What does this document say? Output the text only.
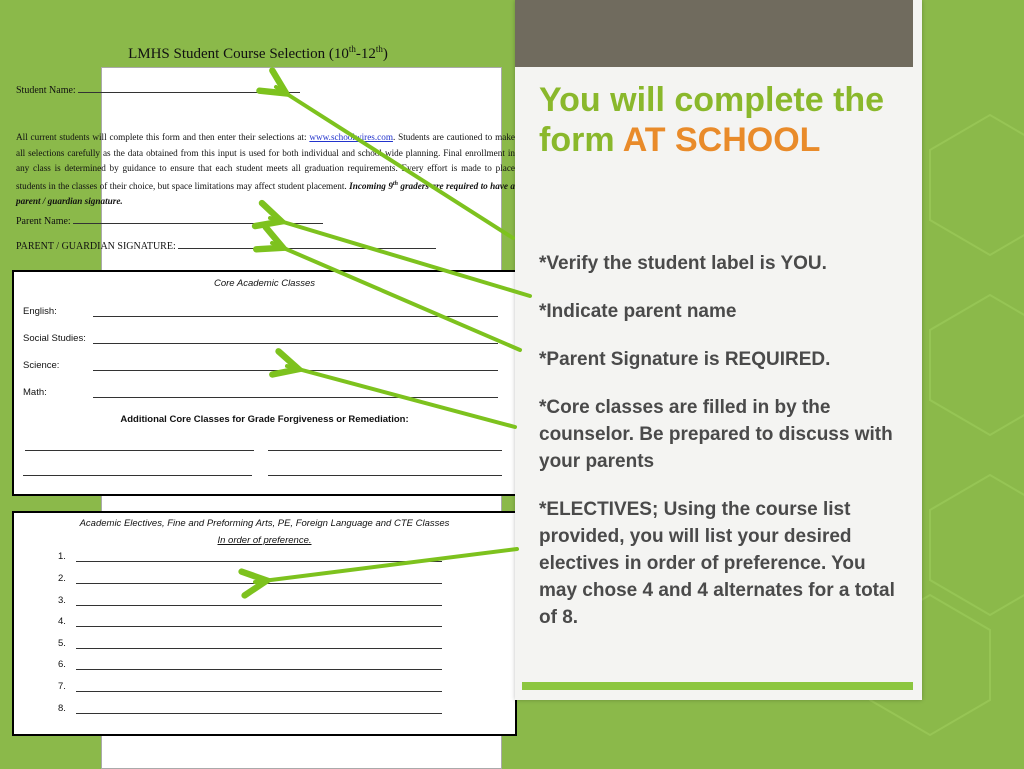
LMHS Student Course Selection (10th-12th)
Student Name:
All current students will complete this form and then enter their selections at: www.schoolwires.com. Students are cautioned to make all selections carefully as the data obtained from this input is used for both individual and school wide planning. Final enrollment in any class is determined by guidance to ensure that each student meets all graduation requirements. Every effort is made to place students in the classes of their choice, but space limitations may affect student placement. Incoming 9th graders are required to have a parent / guardian signature.
Parent Name:
PARENT / GUARDIAN SIGNATURE:
Core Academic Classes
English:
Social Studies:
Science:
Math:
Additional Core Classes for Grade Forgiveness or Remediation:
Academic Electives, Fine and Preforming Arts, PE, Foreign Language and CTE Classes
In order of preference.
1.
2.
3.
4.
5.
6.
7.
8.
You will complete the form AT SCHOOL
*Verify the student label is YOU.
*Indicate parent name
*Parent Signature is REQUIRED.
*Core classes are filled in by the counselor. Be prepared to discuss with your parents
*ELECTIVES; Using the course list provided, you will list your desired electives in order of preference. You may chose 4 and 4 alternates for a total of 8.
